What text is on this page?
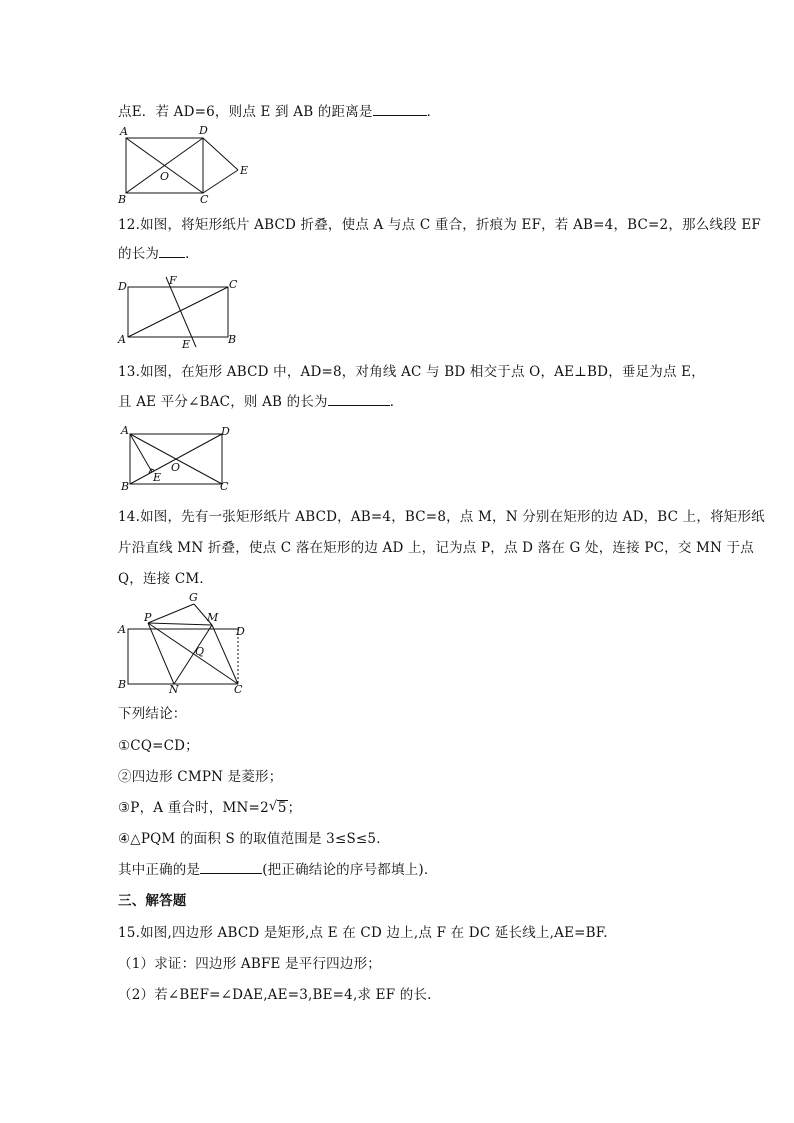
点E．若 AD=6，则点 E 到 AB 的距离是	．
A	D
B	C
O	E
12.如图，将矩形纸片 ABCD 折叠，使点 A 与点 C 重合，折痕为 EF，若 AB=4，BC=2，那么线段 EF
的长为 ．
D	F	C
A	E	B
13.如图，在矩形 ABCD 中，AD=8，对角线 AC 与 BD 相交于点 O，AE⊥BD，垂足为点 E，
且 AE 平分∠BAC，则 AB 的长为	．
A	D
O
E
B	C
14.如图，先有一张矩形纸片 ABCD，AB=4，BC=8，点 M，N 分别在矩形的边 AD，BC 上，将矩形纸
片沿直线 MN 折叠，使点 C 落在矩形的边 AD 上，记为点 P，点 D 落在 G 处，连接 PC，交 MN 于点
Q，连接 CM．
G
A
P	M
D
Q
B	N	C
下列结论：
①CQ=CD；
②四边形 CMPN 是菱形；
③P，A 重合时，MN=2 √ 5；
④△PQM 的面积 S 的取值范围是 3≤S≤5．
其中正确的是	(把正确结论的序号都填上)．
三、解答题
15.如图,四边形 ABCD 是矩形,点 E 在 CD 边上,点 F 在 DC 延长线上,AE=BF.
（1）求证：四边形 ABFE 是平行四边形；
（2）若∠BEF=∠DAE,AE=3,BE=4,求 EF 的长.
